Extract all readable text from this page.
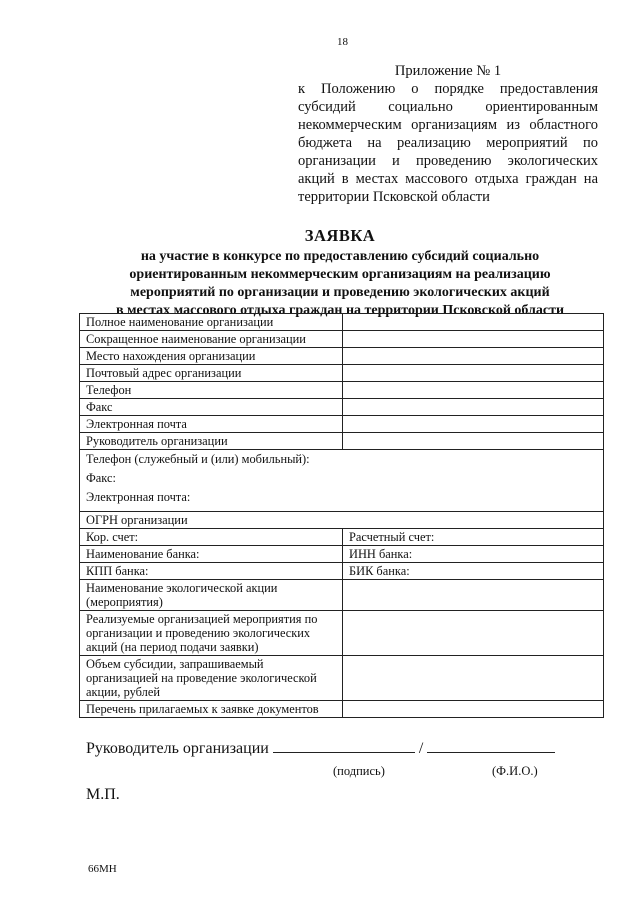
18
Приложение № 1
к Положению о порядке предоставления субсидий социально ориентированным некоммерческим организациям из областного бюджета на реализацию мероприятий по организации и проведению экологических акций в местах массового отдыха граждан на территории Псковской области
ЗАЯВКА
на участие в конкурсе по предоставлению субсидий социально
ориентированным некоммерческим организациям на реализацию
мероприятий по организации и проведению экологических акций
в местах массового отдыха граждан на территории Псковской области
Полное наименование организации	
Сокращенное наименование организации	
Место нахождения организации	
Почтовый адрес организации	
Телефон	
Факс	
Электронная почта	
Руководитель организации	

Телефон (служебный и (или) мобильный):
Факс:
Электронная почта:	

ОГРН организации	
Кор. счет:	Расчетный счет:
Наименование банка:	ИНН банка:
КПП банка:	БИК банка:
Наименование экологической акции (мероприятия)	
Реализуемые организацией мероприятия по организации и проведению экологических акций (на период подачи заявки)	
Объем субсидии, запрашиваемый организацией на проведение экологической акции, рублей	
Перечень прилагаемых к заявке документов	
Руководитель организации	/
(подпись)	(Ф.И.О.)
М.П.
66МН
